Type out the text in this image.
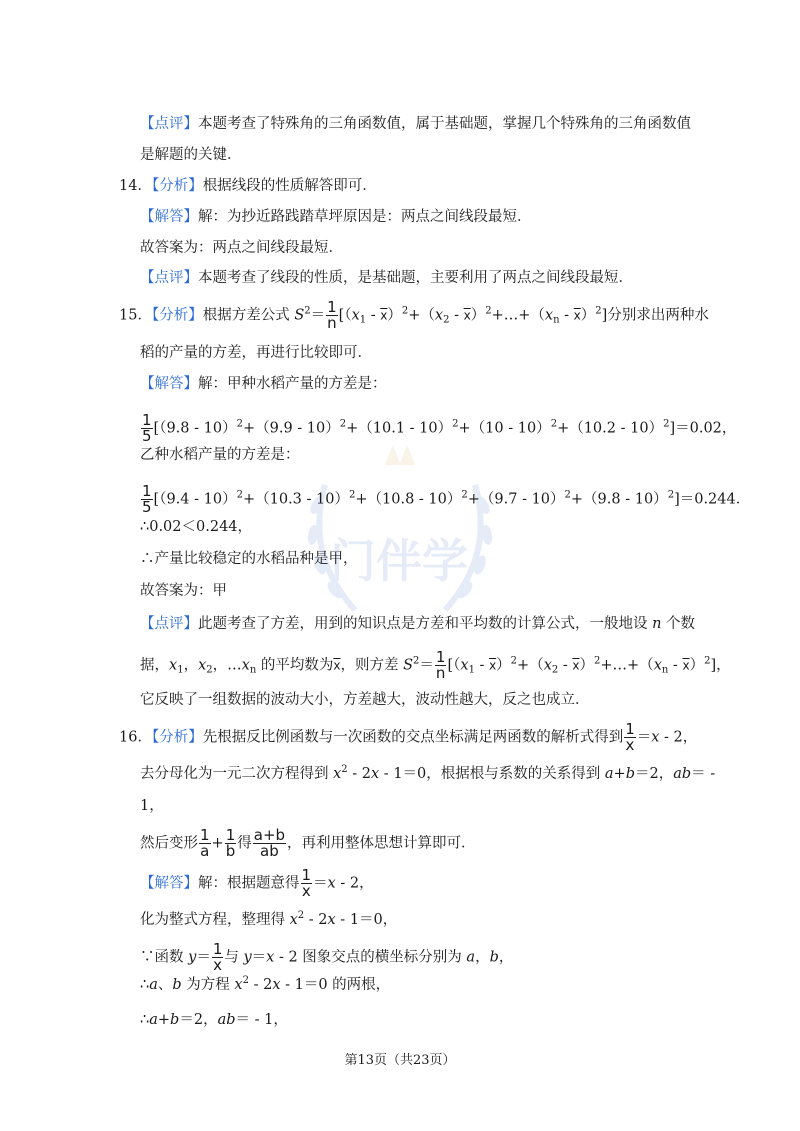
门伴学
【点评】本题考查了特殊角的三角函数值，属于基础题，掌握几个特殊角的三角函数值
是解题的关键．
14．【分析】根据线段的性质解答即可．
【解答】解：为抄近路践踏草坪原因是：两点之间线段最短．
故答案为：两点之间线段最短．
【点评】本题考查了线段的性质，是基础题，主要利用了两点之间线段最短．
15．【分析】根据方差公式 $S^2= \frac{1}{n} [(x_1 - \overline{x})^2+(x_2$ - $\overline{x})^2+\dots+(x_n - \overline{x})^2$]分别求出两种水
稻的产量的方差，再进行比较即可．
【解答】解：甲种水稻产量的方差是：
$\frac{1}{5} [(9.8 - 10)^2+(9.9 - 10)^2+(10.1 - 10)^2+(10 - 10)^2+(10.2 - 10)^2]=0.02$，
乙种水稻产量的方差是：
$\frac{1}{5} [(9.4 - 10)^2+(10.3 - 10)^2+(10.8 - 10)^2+(9.7 - 10)^2+(9.8 - 10)^2]=0.244$．
∴0.02＜0.244，
∴产量比较稳定的水稻品种是甲，
故答案为：甲
【点评】此题考查了方差，用到的知识点是方差和平均数的计算公式，一般地设 n 个数
据，$x_1$，$x_2$，$\dots x_n$ 的平均数为$\overline{x}$，则方差 $S^2= \frac{1}{n} [(x_1 - \overline{x})^2+(x_2$ - $\overline{x})^2+\dots+(x_n - \overline{x})^2$]，
它反映了一组数据的波动大小，方差越大，波动性越大，反之也成立．
16．【分析】先根据反比例函数与一次函数的交点坐标满足两函数的解析式得到 $\frac{1}{x} =x - 2$，
去分母化为一元二次方程得到 $x^2 - 2x - 1=0$，根据根与系数的关系得到 a+b＝2，ab＝ -
1，
然后变形 $\frac{1}{a} + \frac{1}{b}$ 得 $\frac{a+b}{ab}$ ，再利用整体思想计算即可．
【解答】解：根据题意得 $\frac{1}{x} =x - 2$，
化为整式方程，整理得 $x^2 - 2x - 1=0$，
∵函数 $y= \frac{1}{x}$ 与 y＝x - 2 图象交点的横坐标分别为 a，b，
∴a、b 为方程 $x^2 - 2x - 1=0$ 的两根，
∴a+b＝2，ab＝ - 1，
第13页（共23页）
